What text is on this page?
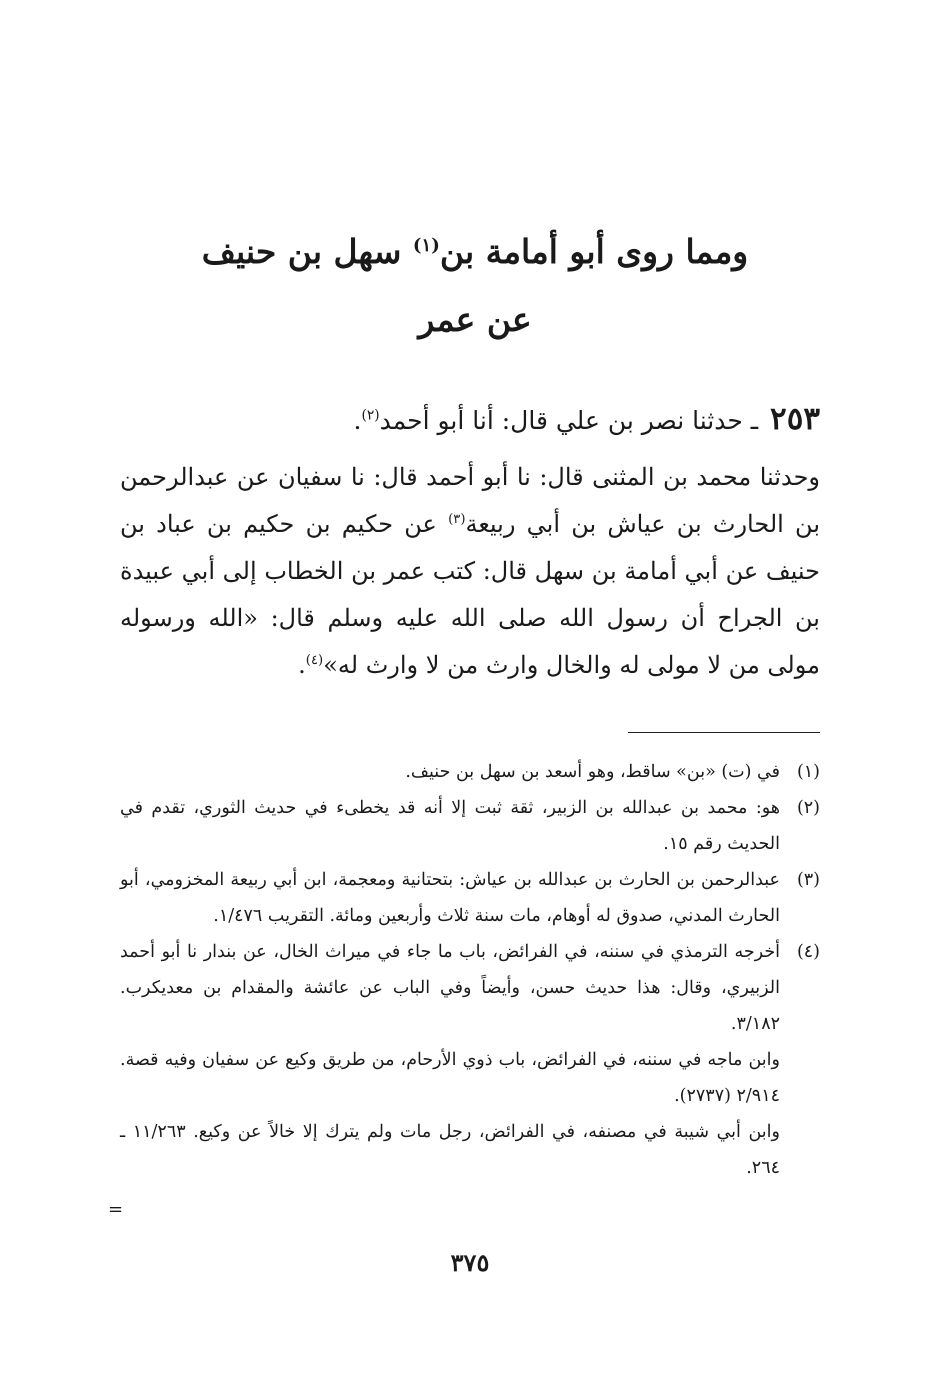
ومما روى أبو أمامة بن$^{(١)}$ سهل بن حنيف
عن عمر
٢٥٣ ـ حدثنا نصر بن علي قال: أنا أبو أحمد$^{(٢)}$.

وحدثنا محمد بن المثنى قال: نا أبو أحمد قال: نا سفيان عن عبدالرحمن بن الحارث بن عياش بن أبي ربيعة$^{(٣)}$ عن حكيم بن حكيم بن عباد بن حنيف عن أبي أمامة بن سهل قال: كتب عمر بن الخطاب إلى أبي عبيدة بن الجراح أن رسول الله صلى الله عليه وسلم قال: «الله ورسوله مولى من لا مولى له والخال وارث من لا وارث له»$^{(٤)}$.

(١)

في (ت) «بن» ساقط، وهو أسعد بن سهل بن حنيف.

(٢)

هو: محمد بن عبدالله بن الزبير، ثقة ثبت إلا أنه قد يخطىء في حديث الثوري، تقدم في الحديث رقم ١٥.

(٣)

عبدالرحمن بن الحارث بن عبدالله بن عياش: بتحتانية ومعجمة، ابن أبي ربيعة المخزومي، أبو الحارث المدني، صدوق له أوهام، مات سنة ثلاث وأربعين ومائة. التقريب ١/٤٧٦.

(٤)

أخرجه الترمذي في سننه، في الفرائض، باب ما جاء في ميراث الخال، عن بندار نا أبو أحمد الزبيري، وقال: هذا حديث حسن، وأيضاً وفي الباب عن عائشة والمقدام بن معديكرب. ٣/١٨٢.

وابن ماجه في سننه، في الفرائض، باب ذوي الأرحام، من طريق وكيع عن سفيان وفيه قصة. ٢/٩١٤ (٢٧٣٧).

وابن أبي شيبة في مصنفه، في الفرائض، رجل مات ولم يترك إلا خالاً عن وكيع. ١١/٢٦٣ ـ ٢٦٤.

=
٣٧٥
